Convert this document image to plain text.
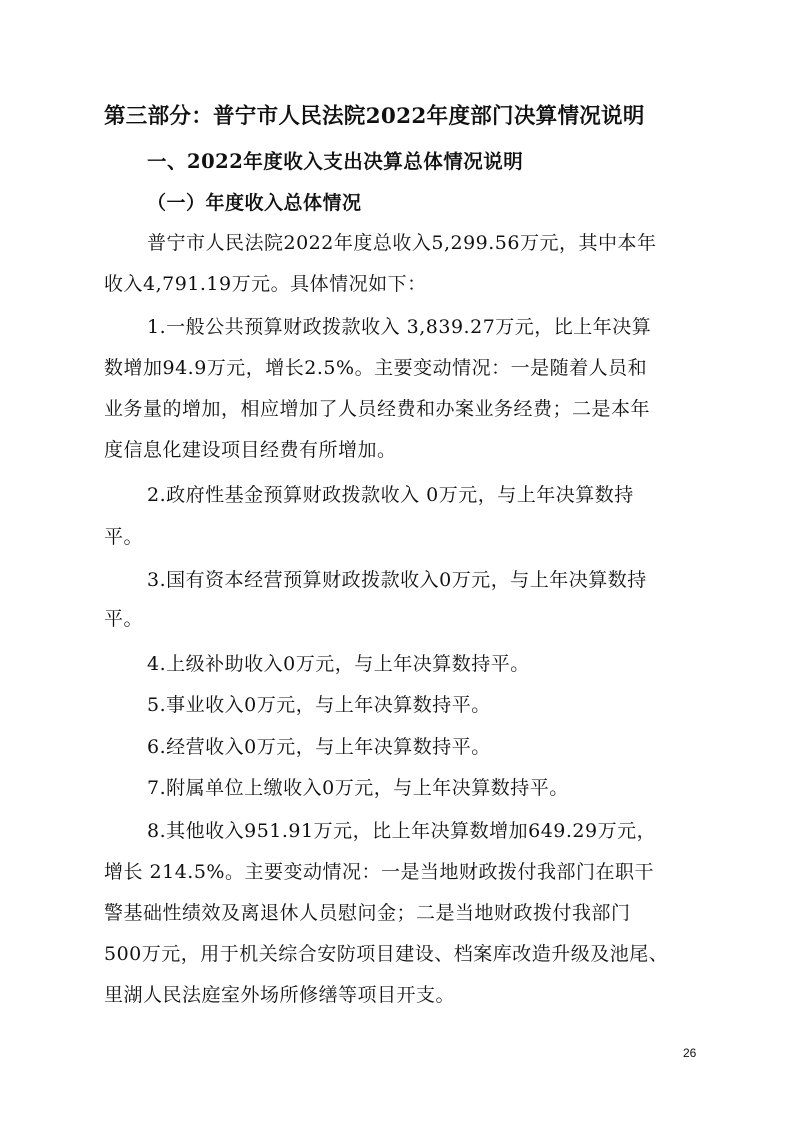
第三部分：普宁市人民法院2022年度部门决算情况说明
一、2022年度收入支出决算总体情况说明
（一）年度收入总体情况
普宁市人民法院2022年度总收入5,299.56万元，其中本年
收入4,791.19万元。具体情况如下：
1.一般公共预算财政拨款收入 3,839.27万元，比上年决算
数增加94.9万元，增长2.5%。主要变动情况：一是随着人员和
业务量的增加，相应增加了人员经费和办案业务经费；二是本年
度信息化建设项目经费有所增加。
2.政府性基金预算财政拨款收入 0万元，与上年决算数持
平。
3.国有资本经营预算财政拨款收入0万元，与上年决算数持
平。
4.上级补助收入0万元，与上年决算数持平。
5.事业收入0万元，与上年决算数持平。
6.经营收入0万元，与上年决算数持平。
7.附属单位上缴收入0万元，与上年决算数持平。
8.其他收入951.91万元，比上年决算数增加649.29万元，
增长 214.5%。主要变动情况：一是当地财政拨付我部门在职干
警基础性绩效及离退休人员慰问金；二是当地财政拨付我部门
500万元，用于机关综合安防项目建设、档案库改造升级及池尾、
里湖人民法庭室外场所修缮等项目开支。
26
